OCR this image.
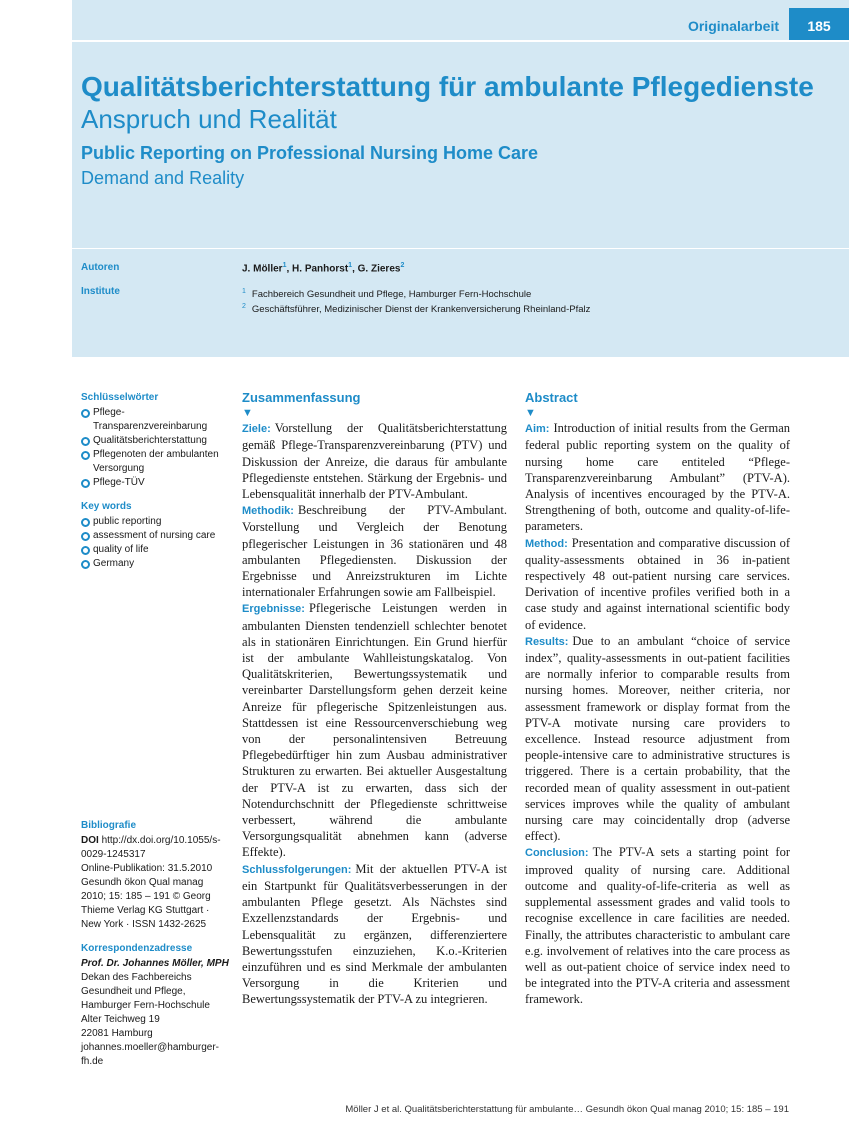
Originalarbeit	185
Qualitätsberichterstattung für ambulante Pflegedienste
Anspruch und Realität
Public Reporting on Professional Nursing Home Care
Demand and Reality
Autoren
Institute
J. Möller$^1$, H. Panhorst$^1$, G. Zieres$^2$
$^1$ Fachbereich Gesundheit und Pflege, Hamburger Fern-Hochschule
$^2$ Geschäftsführer, Medizinischer Dienst der Krankenversicherung Rheinland-Pfalz
Schlüsselwörter
Pflege-Transparenzvereinbarung
Qualitätsberichterstattung
Pflegenoten der ambulanten Versorgung
Pflege-TÜV
Key words
public reporting
assessment of nursing care
quality of life
Germany
Bibliografie
DOI http://dx.doi.org/10.1055/s-0029-1245317
Online-Publikation: 31.5.2010
Gesundh ökon Qual manag 2010; 15: 185 – 191 © Georg Thieme Verlag KG Stuttgart · New York · ISSN 1432-2625
Korrespondenzadresse
Prof. Dr. Johannes Möller, MPH
Dekan des Fachbereichs Gesundheit und Pflege,
Hamburger Fern-Hochschule
Alter Teichweg 19
22081 Hamburg
johannes.moeller@hamburger-fh.de
Zusammenfassung
▼

Ziele: Vorstellung der Qualitätsberichterstattung gemäß Pflege-Transparenzvereinbarung (PTV) und Diskussion der Anreize, die daraus für ambulante Pflegedienste entstehen. Stärkung der Ergebnis- und Lebensqualität innerhalb der PTV-Ambulant.

Methodik: Beschreibung der PTV-Ambulant. Vorstellung und Vergleich der Benotung pflegerischer Leistungen in 36 stationären und 48 ambulanten Pflegediensten. Diskussion der Ergebnisse und Anreizstrukturen im Lichte internationaler Erfahrungen sowie am Fallbeispiel.

Ergebnisse: Pflegerische Leistungen werden in ambulanten Diensten tendenziell schlechter benotet als in stationären Einrichtungen. Ein Grund hierfür ist der ambulante Wahlleistungskatalog. Von Qualitätskriterien, Bewertungssystematik und vereinbarter Darstellungsform gehen derzeit keine Anreize für pflegerische Spitzenleistungen aus. Stattdessen ist eine Ressourcenverschiebung weg von der personalintensiven Betreuung Pflegebedürftiger hin zum Ausbau administrativer Strukturen zu erwarten. Bei aktueller Ausgestaltung der PTV-A ist zu erwarten, dass sich der Notendurchschnitt der Pflegedienste schrittweise verbessert, während die ambulante Versorgungsqualität abnehmen kann (adverse Effekte).

Schlussfolgerungen: Mit der aktuellen PTV-A ist ein Startpunkt für Qualitätsverbesserungen in der ambulanten Pflege gesetzt. Als Nächstes sind Exzellenzstandards der Ergebnis- und Lebensqualität zu ergänzen, differenziertere Bewertungsstufen einzuziehen, K.o.-Kriterien einzuführen und es sind Merkmale der ambulanten Versorgung in die Kriterien und Bewertungssystematik der PTV-A zu integrieren.

Abstract
▼

Aim: Introduction of initial results from the German federal public reporting system on the quality of nursing home care entiteled “Pflege-Transparenzvereinbarung Ambulant” (PTV-A). Analysis of incentives encouraged by the PTV-A. Strengthening of both, outcome and quality-of-life-parameters.

Method: Presentation and comparative discussion of quality-assessments obtained in 36 in-patient respectively 48 out-patient nursing care services. Derivation of incentive profiles verified both in a case study and against international scientific body of evidence.

Results: Due to an ambulant “choice of service index”, quality-assessments in out-patient facilities are normally inferior to comparable results from nursing homes. Moreover, neither criteria, nor assessment framework or display format from the PTV-A motivate nursing care providers to excellence. Instead resource adjustment from people-intensive care to administrative structures is triggered. There is a certain probability, that the recorded mean of quality assessment in out-patient services improves while the quality of ambulant nursing care may coincidentally drop (adverse effect).

Conclusion: The PTV-A sets a starting point for improved quality of nursing care. Additional outcome and quality-of-life-criteria as well as supplemental assessment grades and valid tools to recognise excellence in care facilities are needed. Finally, the attributes characteristic to ambulant care e.g. involvement of relatives into the care process as well as out-patient choice of service index need to be integrated into the PTV-A criteria and assessment framework.

Möller J et al. Qualitätsberichterstattung für ambulante… Gesundh ökon Qual manag 2010; 15: 185 – 191
